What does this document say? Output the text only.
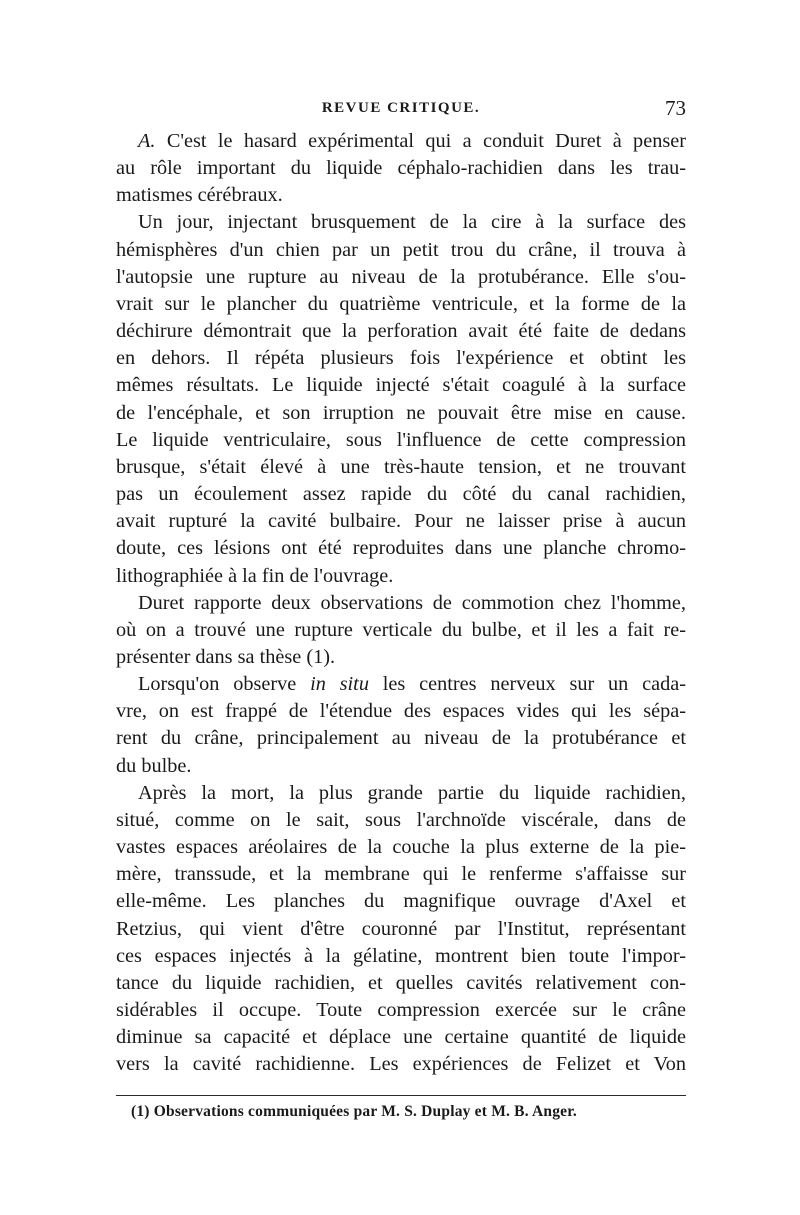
REVUE CRITIQUE.	73
A. C'est le hasard expérimental qui a conduit Duret à penser
au rôle important du liquide céphalo-rachidien dans les trau-
matismes cérébraux.
Un jour, injectant brusquement de la cire à la surface des
hémisphères d'un chien par un petit trou du crâne, il trouva à
l'autopsie une rupture au niveau de la protubérance. Elle s'ou-
vrait sur le plancher du quatrième ventricule, et la forme de la
déchirure démontrait que la perforation avait été faite de dedans
en dehors. Il répéta plusieurs fois l'expérience et obtint les
mêmes résultats. Le liquide injecté s'était coagulé à la surface
de l'encéphale, et son irruption ne pouvait être mise en cause.
Le liquide ventriculaire, sous l'influence de cette compression
brusque, s'était élevé à une très-haute tension, et ne trouvant
pas un écoulement assez rapide du côté du canal rachidien,
avait rupturé la cavité bulbaire. Pour ne laisser prise à aucun
doute, ces lésions ont été reproduites dans une planche chromo-
lithographiée à la fin de l'ouvrage.
Duret rapporte deux observations de commotion chez l'homme,
où on a trouvé une rupture verticale du bulbe, et il les a fait re-
présenter dans sa thèse (1).
Lorsqu'on observe in situ les centres nerveux sur un cada-
vre, on est frappé de l'étendue des espaces vides qui les sépa-
rent du crâne, principalement au niveau de la protubérance et
du bulbe.
Après la mort, la plus grande partie du liquide rachidien,
situé, comme on le sait, sous l'archnoïde viscérale, dans de
vastes espaces aréolaires de la couche la plus externe de la pie-
mère, transsude, et la membrane qui le renferme s'affaisse sur
elle-même. Les planches du magnifique ouvrage d'Axel et
Retzius, qui vient d'être couronné par l'Institut, représentant
ces espaces injectés à la gélatine, montrent bien toute l'impor-
tance du liquide rachidien, et quelles cavités relativement con-
sidérables il occupe. Toute compression exercée sur le crâne
diminue sa capacité et déplace une certaine quantité de liquide
vers la cavité rachidienne. Les expériences de Felizet et Von
(1) Observations communiquées par M. S. Duplay et M. B. Anger.
